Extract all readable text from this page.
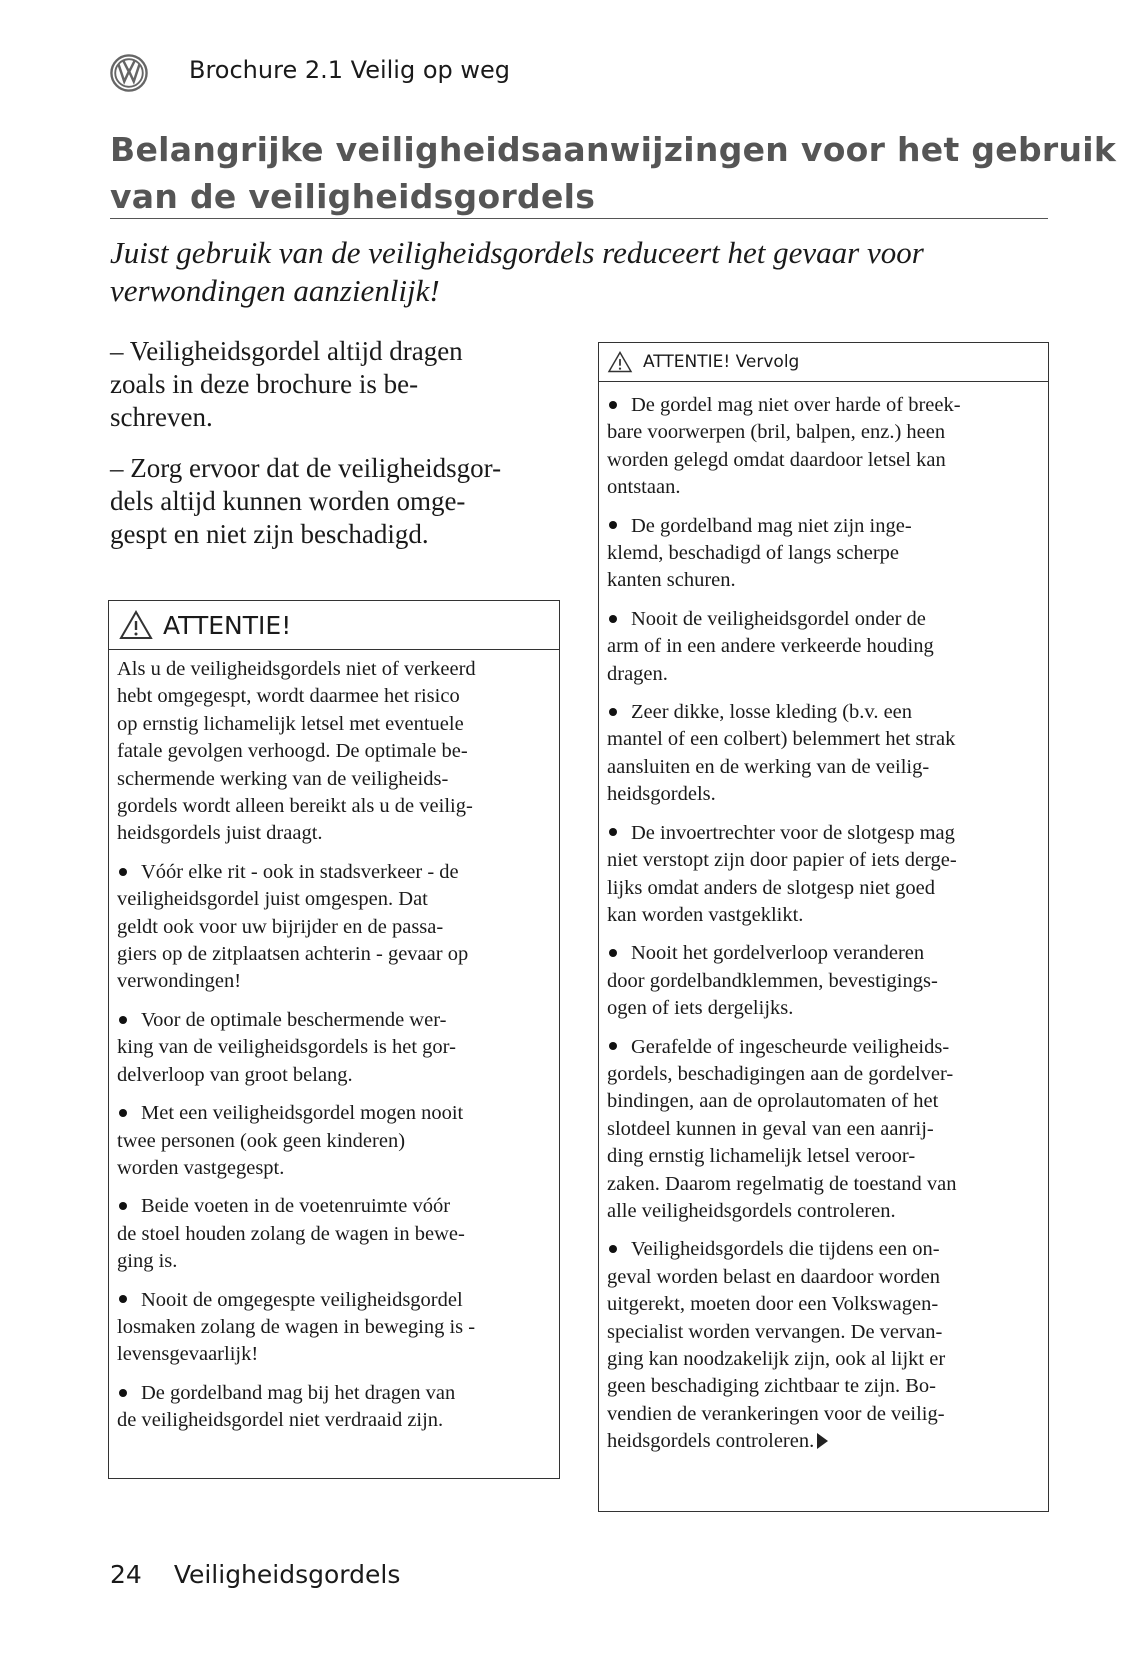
Brochure 2.1 Veilig op weg
Belangrijke veiligheidsaanwijzingen voor het gebruik
van de veiligheidsgordels
Juist gebruik van de veiligheidsgordels reduceert het gevaar voor
verwondingen aanzienlijk!
– Veiligheidsgordel altijd dragen
zoals in deze brochure is be-
schreven.
– Zorg ervoor dat de veiligheidsgor-
dels altijd kunnen worden omge-
gespt en niet zijn beschadigd.
ATTENTIE!
Als u de veiligheidsgordels niet of verkeerd
hebt omgegespt, wordt daarmee het risico
op ernstig lichamelijk letsel met eventuele
fatale gevolgen verhoogd. De optimale be-
schermende werking van de veiligheids-
gordels wordt alleen bereikt als u de veilig-
heidsgordels juist draagt.
Vóór elke rit - ook in stadsverkeer - de
veiligheidsgordel juist omgespen. Dat
geldt ook voor uw bijrijder en de passa-
giers op de zitplaatsen achterin - gevaar op
verwondingen!
Voor de optimale beschermende wer-
king van de veiligheidsgordels is het gor-
delverloop van groot belang.
Met een veiligheidsgordel mogen nooit
twee personen (ook geen kinderen)
worden vastgegespt.
Beide voeten in de voetenruimte vóór
de stoel houden zolang de wagen in bewe-
ging is.
Nooit de omgegespte veiligheidsgordel
losmaken zolang de wagen in beweging is -
levensgevaarlijk!
De gordelband mag bij het dragen van
de veiligheidsgordel niet verdraaid zijn.
ATTENTIE! Vervolg
De gordel mag niet over harde of breek-
bare voorwerpen (bril, balpen, enz.) heen
worden gelegd omdat daardoor letsel kan
ontstaan.
De gordelband mag niet zijn inge-
klemd, beschadigd of langs scherpe
kanten schuren.
Nooit de veiligheidsgordel onder de
arm of in een andere verkeerde houding
dragen.
Zeer dikke, losse kleding (b.v. een
mantel of een colbert) belemmert het strak
aansluiten en de werking van de veilig-
heidsgordels.
De invoertrechter voor de slotgesp mag
niet verstopt zijn door papier of iets derge-
lijks omdat anders de slotgesp niet goed
kan worden vastgeklikt.
Nooit het gordelverloop veranderen
door gordelbandklemmen, bevestigings-
ogen of iets dergelijks.
Gerafelde of ingescheurde veiligheids-
gordels, beschadigingen aan de gordelver-
bindingen, aan de oprolautomaten of het
slotdeel kunnen in geval van een aanrij-
ding ernstig lichamelijk letsel veroor-
zaken. Daarom regelmatig de toestand van
alle veiligheidsgordels controleren.
Veiligheidsgordels die tijdens een on-
geval worden belast en daardoor worden
uitgerekt, moeten door een Volkswagen-
specialist worden vervangen. De vervan-
ging kan noodzakelijk zijn, ook al lijkt er
geen beschadiging zichtbaar te zijn. Bo-
vendien de verankeringen voor de veilig-
heidsgordels controleren.
24 Veiligheidsgordels
